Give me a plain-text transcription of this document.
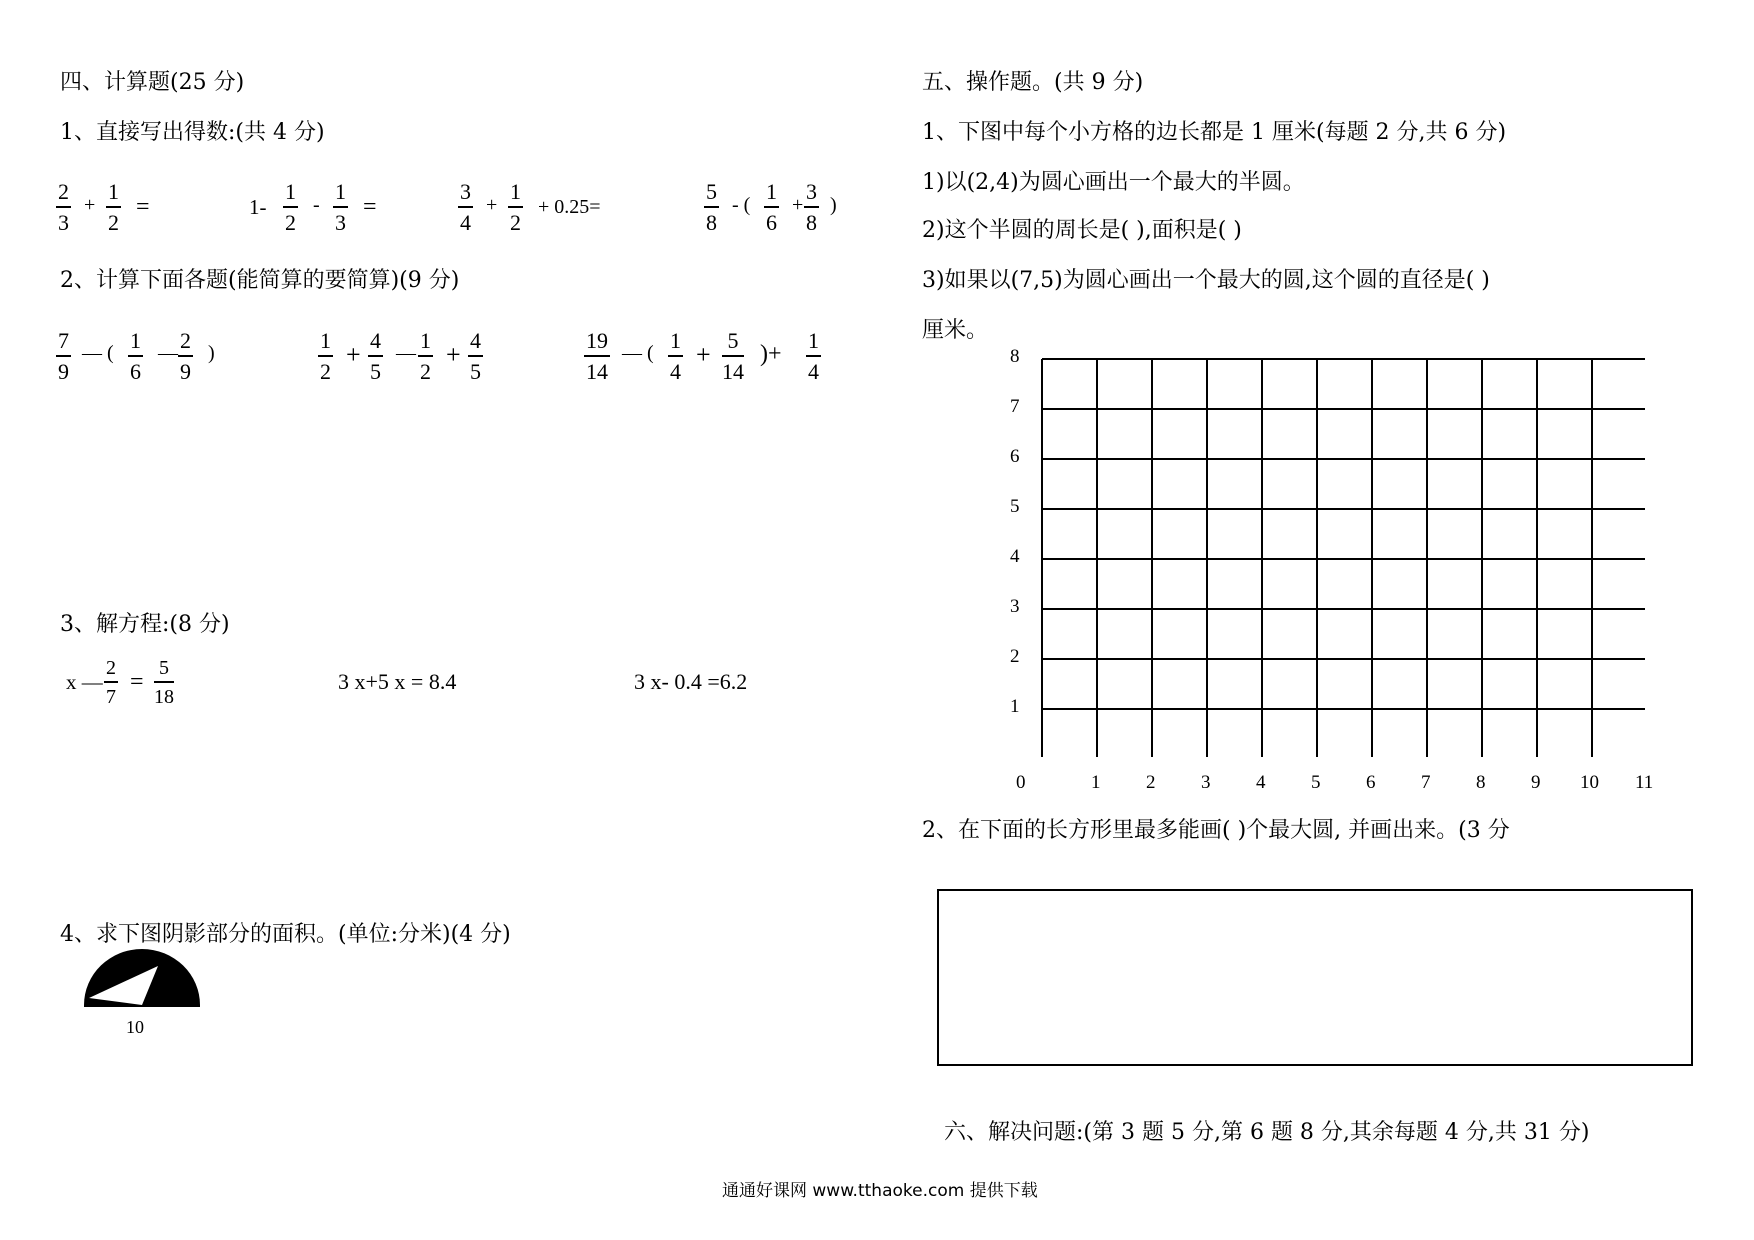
四、计算题(25 分)
1、直接写出得数:(共 4 分)
2
3
+
1
2
=	1-
1
2
-
1
3
=
3
4
+
1
2
+ 0.25=
5
8
- (
1
6
+
3
8
)
2、计算下面各题(能简算的要简算)(9 分)
7
9
— ( 1
6
— 2
9
)	1
2
+ 4
5
— 1
2
+ 4
5
19
14
— ( 1
4
+ 5
14
)+
1
4
3、解方程:(8 分)
x —
2
7
=
5
18
3 x+5 x = 8.4	3 x- 0.4 =6.2
4、求下图阴影部分的面积。(单位:分米)(4 分)
10
五、操作题。(共 9 分)
1、下图中每个小方格的边长都是 1 厘米(每题 2 分,共 6 分)
1)以(2,4)为圆心画出一个最大的半圆。
2)这个半圆的周长是( ),面积是( )
3)如果以(7,5)为圆心画出一个最大的圆,这个圆的直径是( )
厘米。
8
7
6
5
4
3
2
1
0	1 2 3 4 5 6 7 8 9 10 11
2、在下面的长方形里最多能画( )个最大圆, 并画出来。(3 分
六、解决问题:(第 3 题 5 分,第 6 题 8 分,其余每题 4 分,共 31 分)
通通好课网 www.tthaoke.com 提供下载
